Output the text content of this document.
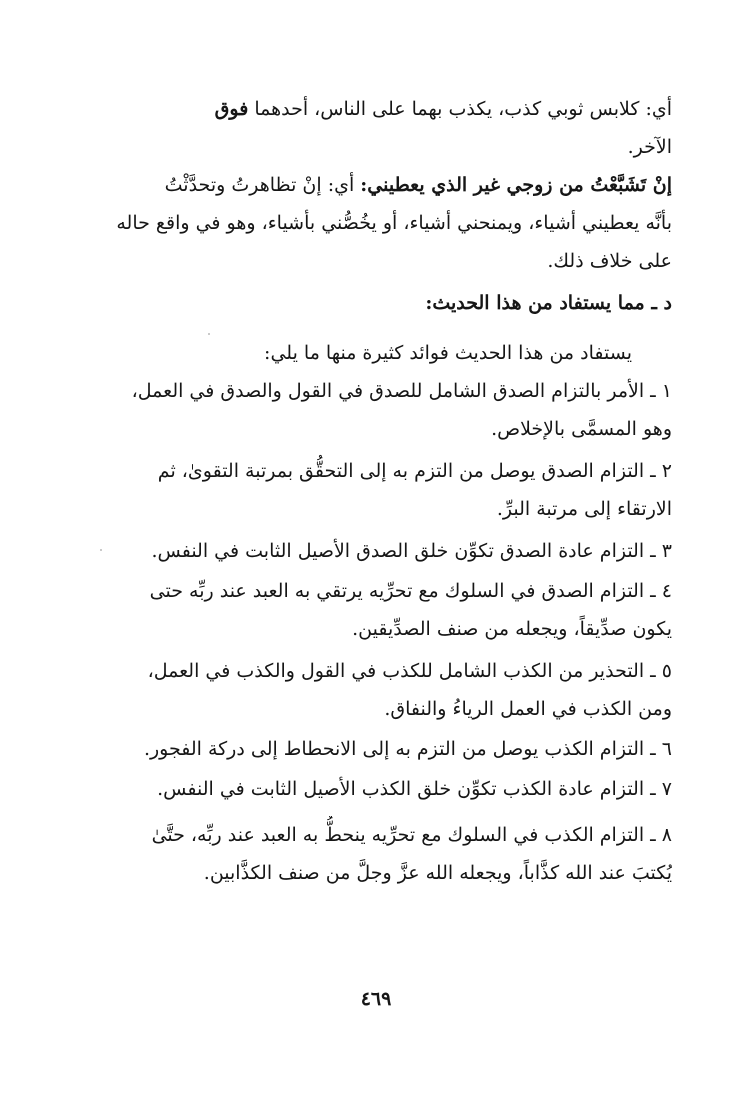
أي: كلابس ثوبي كذب، يكذب بهما على الناس، أحدهما فوق
الآخر.
إنْ تَشَبَّعْتُ من زوجي غير الذي يعطيني: أي: إنْ تظاهرتُ وتحدَّثْتُ
بأنَّه يعطيني أشياء، ويمنحني أشياء، أو يخُصُّني بأشياء، وهو في واقع حاله
على خلاف ذلك.
د ـ مما يستفاد من هذا الحديث:
يستفاد من هذا الحديث فوائد كثيرة منها ما يلي:
١ ـ الأمر بالتزام الصدق الشامل للصدق في القول والصدق في العمل،
وهو المسمَّى بالإخلاص.
٢ ـ التزام الصدق يوصل من التزم به إلى التحقُّق بمرتبة التقوىٰ، ثم
الارتقاء إلى مرتبة البرِّ.
٣ ـ التزام عادة الصدق تكوِّن خلق الصدق الأصيل الثابت في النفس.
٤ ـ التزام الصدق في السلوك مع تحرِّيه يرتقي به العبد عند ربِّه حتى
يكون صدِّيقاً، ويجعله من صنف الصدِّيقين.
٥ ـ التحذير من الكذب الشامل للكذب في القول والكذب في العمل،
ومن الكذب في العمل الرياءُ والنفاق.
٦ ـ التزام الكذب يوصل من التزم به إلى الانحطاط إلى دركة الفجور.
٧ ـ التزام عادة الكذب تكوِّن خلق الكذب الأصيل الثابت في النفس.
٨ ـ التزام الكذب في السلوك مع تحرِّيه ينحطُّ به العبد عند ربِّه، حتَّىٰ
يُكتبَ عند الله كذَّاباً، ويجعله الله عزَّ وجلَّ من صنف الكذَّابين.
٤٦٩
